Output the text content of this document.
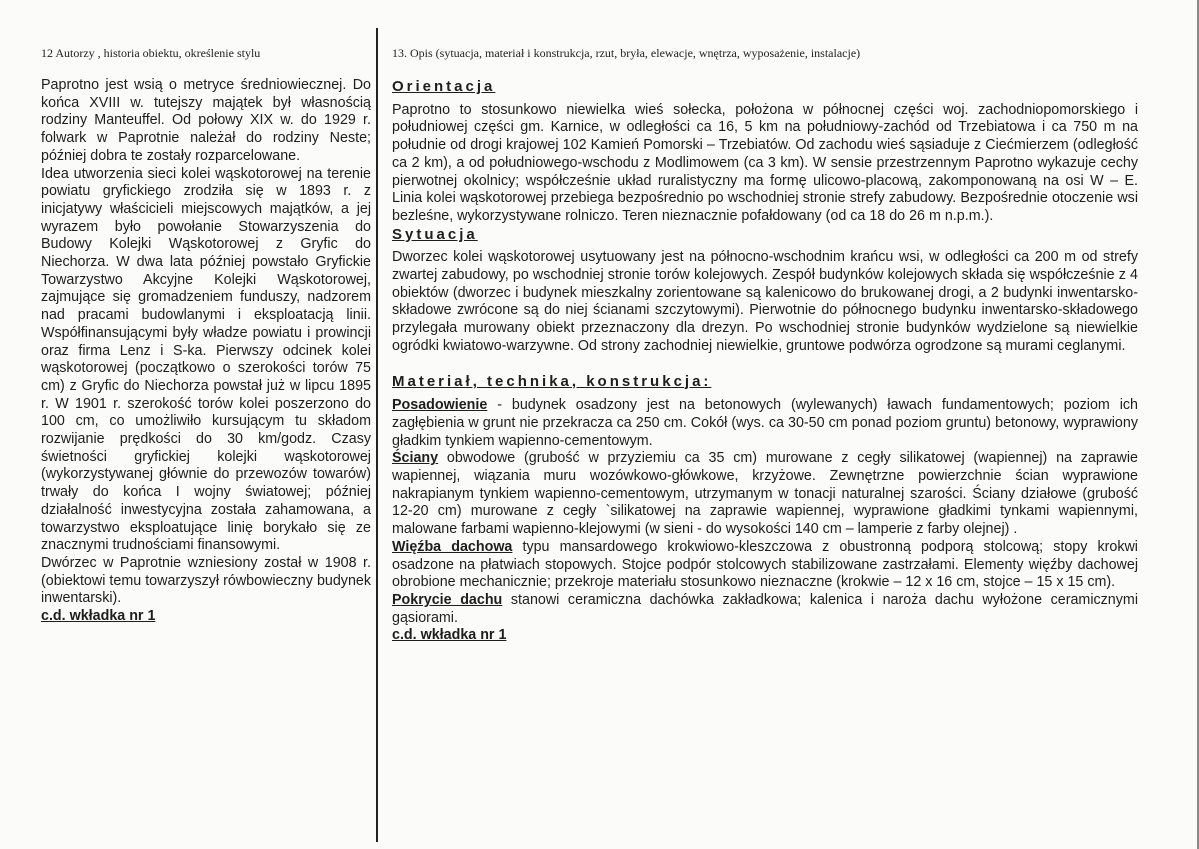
12 Autorzy , historia obiektu, określenie stylu	13. Opis (sytuacja, materiał i konstrukcja, rzut, bryła, elewacje, wnętrza, wyposażenie, instalacje)

Paprotno jest wsią o metryce średniowiecznej. Do końca XVIII w. tutejszy majątek był własnością rodziny Manteuffel. Od połowy XIX w. do 1929 r. folwark w Paprotnie należał do rodziny Neste; później dobra te zostały rozparcelowane.

Idea utworzenia sieci kolei wąskotorowej na terenie powiatu gryfickiego zrodziła się w 1893 r. z inicjatywy właścicieli miejscowych majątków, a jej wyrazem było powołanie Stowarzyszenia do Budowy Kolejki Wąskotorowej z Gryfic do Niechorza. W dwa lata później powstało Gryfickie Towarzystwo Akcyjne Kolejki Wąskotorowej, zajmujące się gromadzeniem funduszy, nadzorem nad pracami budowlanymi i eksploatacją linii. Współfinansującymi były władze powiatu i prowincji oraz firma Lenz i S-ka. Pierwszy odcinek kolei wąskotorowej (początkowo o szerokości torów 75 cm) z Gryfic do Niechorza powstał już w lipcu 1895 r. W 1901 r. szerokość torów kolei poszerzono do 100 cm, co umożliwiło kursującym tu składom rozwijanie prędkości do 30 km/godz. Czasy świetności gryfickiej kolejki wąskotorowej (wykorzystywanej głównie do przewozów towarów) trwały do końca I wojny światowej; później działalność inwestycyjna została zahamowana, a towarzystwo eksploatujące linię borykało się ze znacznymi trudnościami finansowymi.

Dwórzec w Paprotnie wzniesiony został w 1908 r. (obiektowi temu towarzyszył rówbowieczny budynek inwentarski).

c.d. wkładka nr 1

Orientacja

Paprotno to stosunkowo niewielka wieś sołecka, położona w północnej części woj. zachodniopomorskiego i południowej części gm. Karnice, w odległości ca 16, 5 km na południowy-zachód od Trzebiatowa i ca 750 m na południe od drogi krajowej 102 Kamień Pomorski – Trzebiatów. Od zachodu wieś sąsiaduje z Ciećmierzem (odległość ca 2 km), a od południowego-wschodu z Modlimowem (ca 3 km). W sensie przestrzennym Paprotno wykazuje cechy pierwotnej okolnicy; współcześnie układ ruralistyczny ma formę ulicowo-placową, zakomponowaną na osi W – E. Linia kolei wąskotorowej przebiega bezpośrednio po wschodniej stronie strefy zabudowy. Bezpośrednie otoczenie wsi bezleśne, wykorzystywane rolniczo. Teren nieznacznie pofałdowany (od ca 18 do 26 m n.p.m.).

Sytuacja

Dworzec kolei wąskotorowej usytuowany jest na północno-wschodnim krańcu wsi, w odległości ca 200 m od strefy zwartej zabudowy, po wschodniej stronie torów kolejowych. Zespół budynków kolejowych składa się współcześnie z 4 obiektów (dworzec i budynek mieszkalny zorientowane są kalenicowo do brukowanej drogi, a 2 budynki inwentarsko-składowe zwrócone są do niej ścianami szczytowymi). Pierwotnie do północnego budynku inwentarsko-składowego przylegała murowany obiekt przeznaczony dla drezyn. Po wschodniej stronie budynków wydzielone są niewielkie ogródki kwiatowo-warzywne. Od strony zachodniej niewielkie, gruntowe podwórza ogrodzone są murami ceglanymi.

Materiał, technika, konstrukcja:

Posadowienie - budynek osadzony jest na betonowych (wylewanych) ławach fundamentowych; poziom ich zagłębienia w grunt nie przekracza ca 250 cm. Cokół (wys. ca 30-50 cm ponad poziom gruntu) betonowy, wyprawiony gładkim tynkiem wapienno-cementowym.

Ściany obwodowe (grubość w przyziemiu ca 35 cm) murowane z cegły silikatowej (wapiennej) na zaprawie wapiennej, wiązania muru wozówkowo-główkowe, krzyżowe. Zewnętrzne powierzchnie ścian wyprawione nakrapianym tynkiem wapienno-cementowym, utrzymanym w tonacji naturalnej szarości. Ściany działowe (grubość 12-20 cm) murowane z cegły `silikatowej na zaprawie wapiennej, wyprawione gładkimi tynkami wapiennymi, malowane farbami wapienno-klejowymi (w sieni - do wysokości 140 cm – lamperie z farby olejnej) .

Więźba dachowa typu mansardowego krokwiowo-kleszczowa z obustronną podporą stolcową; stopy krokwi osadzone na płatwiach stopowych. Stojce podpór stolcowych stabilizowane zastrzałami. Elementy więźby dachowej obrobione mechanicznie; przekroje materiału stosunkowo nieznaczne (krokwie – 12 x 16 cm, stojce – 15 x 15 cm).

Pokrycie dachu stanowi ceramiczna dachówka zakładkowa; kalenica i naroża dachu wyłożone ceramicznymi gąsiorami.

c.d. wkładka nr 1
